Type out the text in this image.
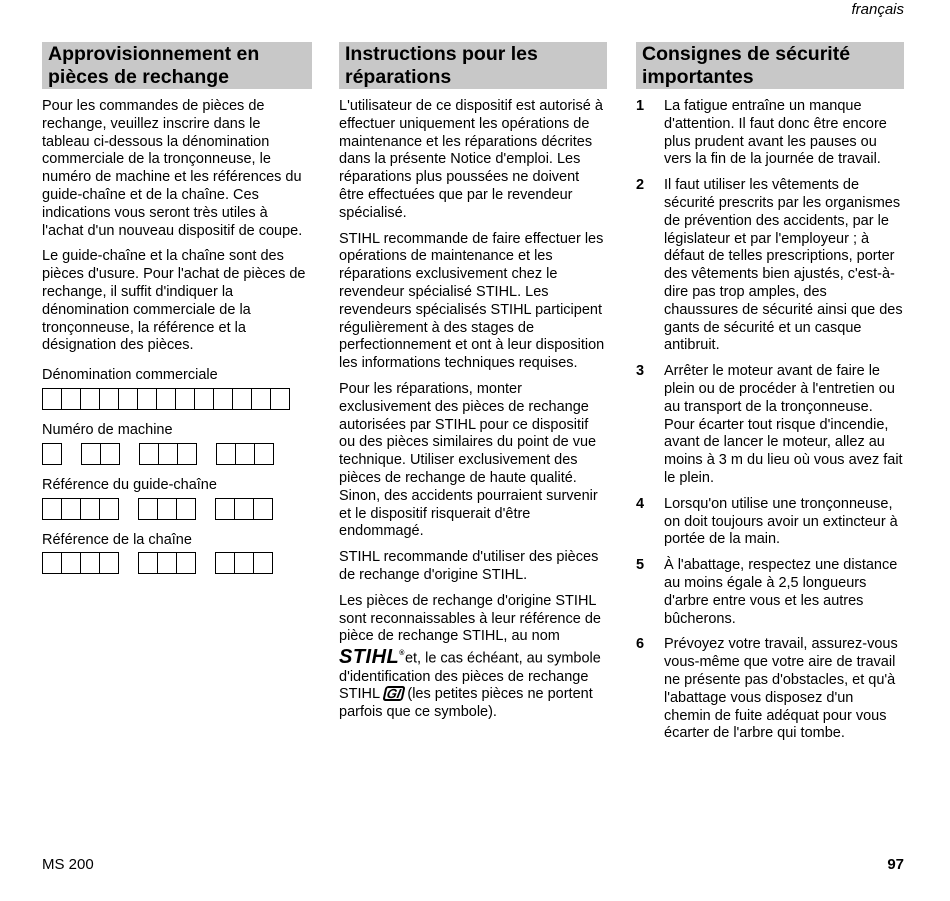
français
Approvisionnement en pièces de rechange

Pour les commandes de pièces de rechange, veuillez inscrire dans le tableau ci-dessous la dénomination commerciale de la tronçonneuse, le numéro de machine et les références du guide-chaîne et de la chaîne. Ces indications vous seront très utiles à l'achat d'un nouveau dispositif de coupe.

Le guide-chaîne et la chaîne sont des pièces d'usure. Pour l'achat de pièces de rechange, il suffit d'indiquer la dénomination commerciale de la tronçonneuse, la référence et la désignation des pièces.

Dénomination commerciale
Numéro de machine
Référence du guide-chaîne
Référence de la chaîne
Instructions pour les réparations

L'utilisateur de ce dispositif est autorisé à effectuer uniquement les opérations de maintenance et les réparations décrites dans la présente Notice d'emploi. Les réparations plus poussées ne doivent être effectuées que par le revendeur spécialisé.

STIHL recommande de faire effectuer les opérations de maintenance et les réparations exclusivement chez le revendeur spécialisé STIHL. Les revendeurs spécialisés STIHL participent régulièrement à des stages de perfectionnement et ont à leur disposition les informations techniques requises.

Pour les réparations, monter exclusivement des pièces de rechange autorisées par STIHL pour ce dispositif ou des pièces similaires du point de vue technique. Utiliser exclusivement des pièces de rechange de haute qualité. Sinon, des accidents pourraient survenir et le dispositif risquerait d'être endommagé.

STIHL recommande d'utiliser des pièces de rechange d'origine STIHL.

Les pièces de rechange d'origine STIHL sont reconnaissables à leur référence de pièce de rechange STIHL, au nom
STIHL®et, le cas échéant, au symbole d'identification des pièces de rechange STIHL GI (les petites pièces ne portent parfois que ce symbole).

Consignes de sécurité importantes
1	La fatigue entraîne un manque d'attention. Il faut donc être encore plus prudent avant les pauses ou vers la fin de la journée de travail.
2	Il faut utiliser les vêtements de sécurité prescrits par les organismes de prévention des accidents, par le législateur et par l'employeur ; à défaut de telles prescriptions, porter des vêtements bien ajustés, c'est-à-dire pas trop amples, des chaussures de sécurité ainsi que des gants de sécurité et un casque antibruit.
3	Arrêter le moteur avant de faire le plein ou de procéder à l'entretien ou au transport de la tronçonneuse. Pour écarter tout risque d'incendie, avant de lancer le moteur, allez au moins à 3 m du lieu où vous avez fait le plein.
4	Lorsqu'on utilise une tronçonneuse, on doit toujours avoir un extincteur à portée de la main.
5	À l'abattage, respectez une distance au moins égale à 2,5 longueurs d'arbre entre vous et les autres bûcherons.
6	Prévoyez votre travail, assurez-vous vous-même que votre aire de travail ne présente pas d'obstacles, et qu'à l'abattage vous disposez d'un chemin de fuite adéquat pour vous écarter de l'arbre qui tombe.
MS 200	97
